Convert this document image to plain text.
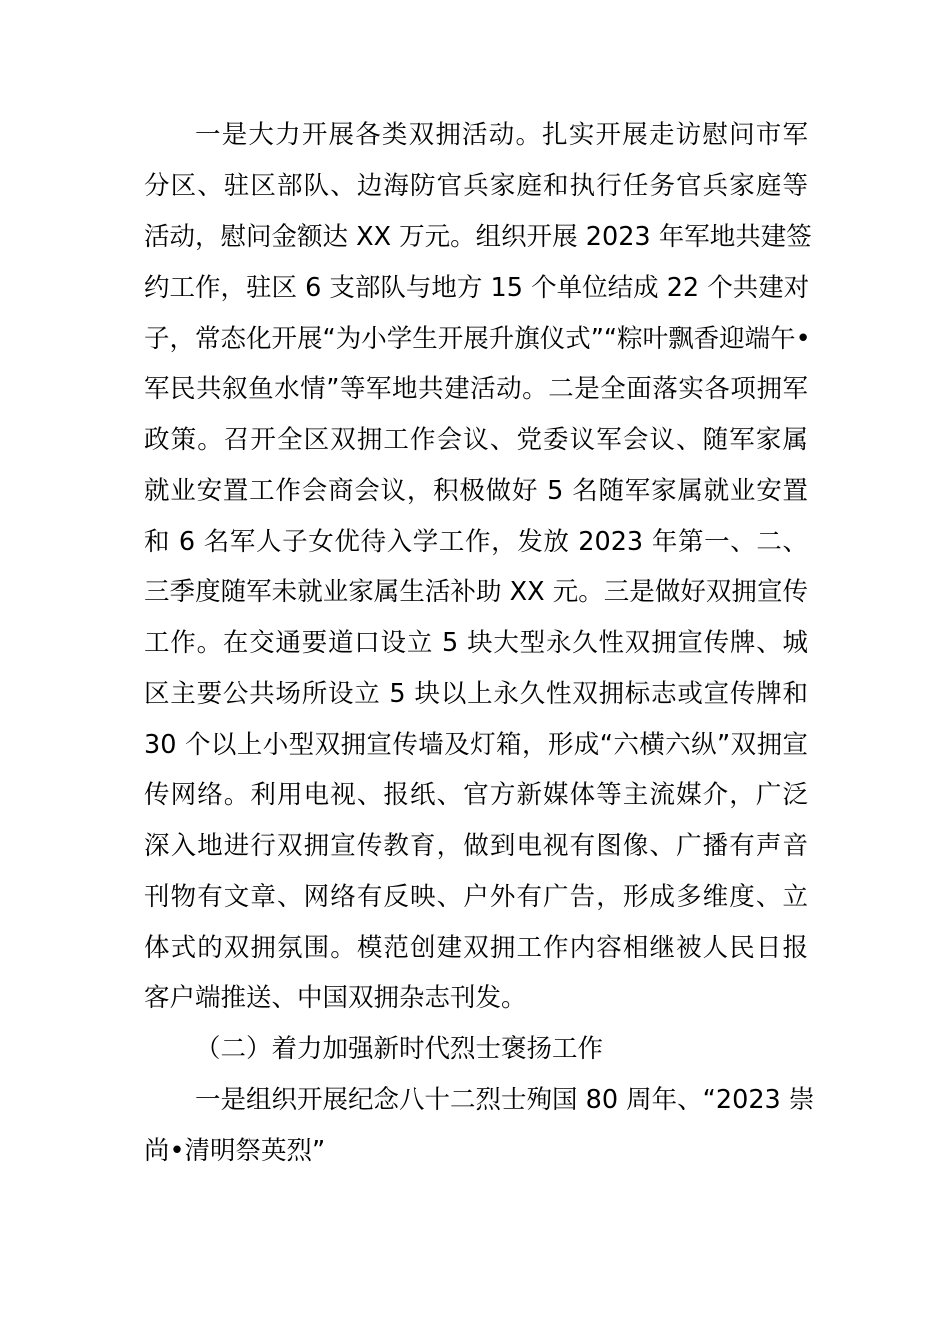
一是大力开展各类双拥活动。扎实开展走访慰问市军
分区、驻区部队、边海防官兵家庭和执行任务官兵家庭等
活动，慰问金额达 XX 万元。组织开展 2023 年军地共建签
约工作，驻区 6 支部队与地方 15 个单位结成 22 个共建对
子，常态化开展“为小学生开展升旗仪式”“粽叶飘香迎端午•
军民共叙鱼水情”等军地共建活动。二是全面落实各项拥军
政策。召开全区双拥工作会议、党委议军会议、随军家属
就业安置工作会商会议，积极做好 5 名随军家属就业安置
和 6 名军人子女优待入学工作，发放 2023 年第一、二、
三季度随军未就业家属生活补助 XX 元。三是做好双拥宣传
工作。在交通要道口设立 5 块大型永久性双拥宣传牌、城
区主要公共场所设立 5 块以上永久性双拥标志或宣传牌和
30 个以上小型双拥宣传墙及灯箱，形成“六横六纵”双拥宣
传网络。利用电视、报纸、官方新媒体等主流媒介，广泛
深入地进行双拥宣传教育，做到电视有图像、广播有声音
刊物有文章、网络有反映、户外有广告，形成多维度、立
体式的双拥氛围。模范创建双拥工作内容相继被人民日报
客户端推送、中国双拥杂志刊发。
（二）着力加强新时代烈士褒扬工作
一是组织开展纪念八十二烈士殉国 80 周年、“2023 崇
尚•清明祭英烈”
